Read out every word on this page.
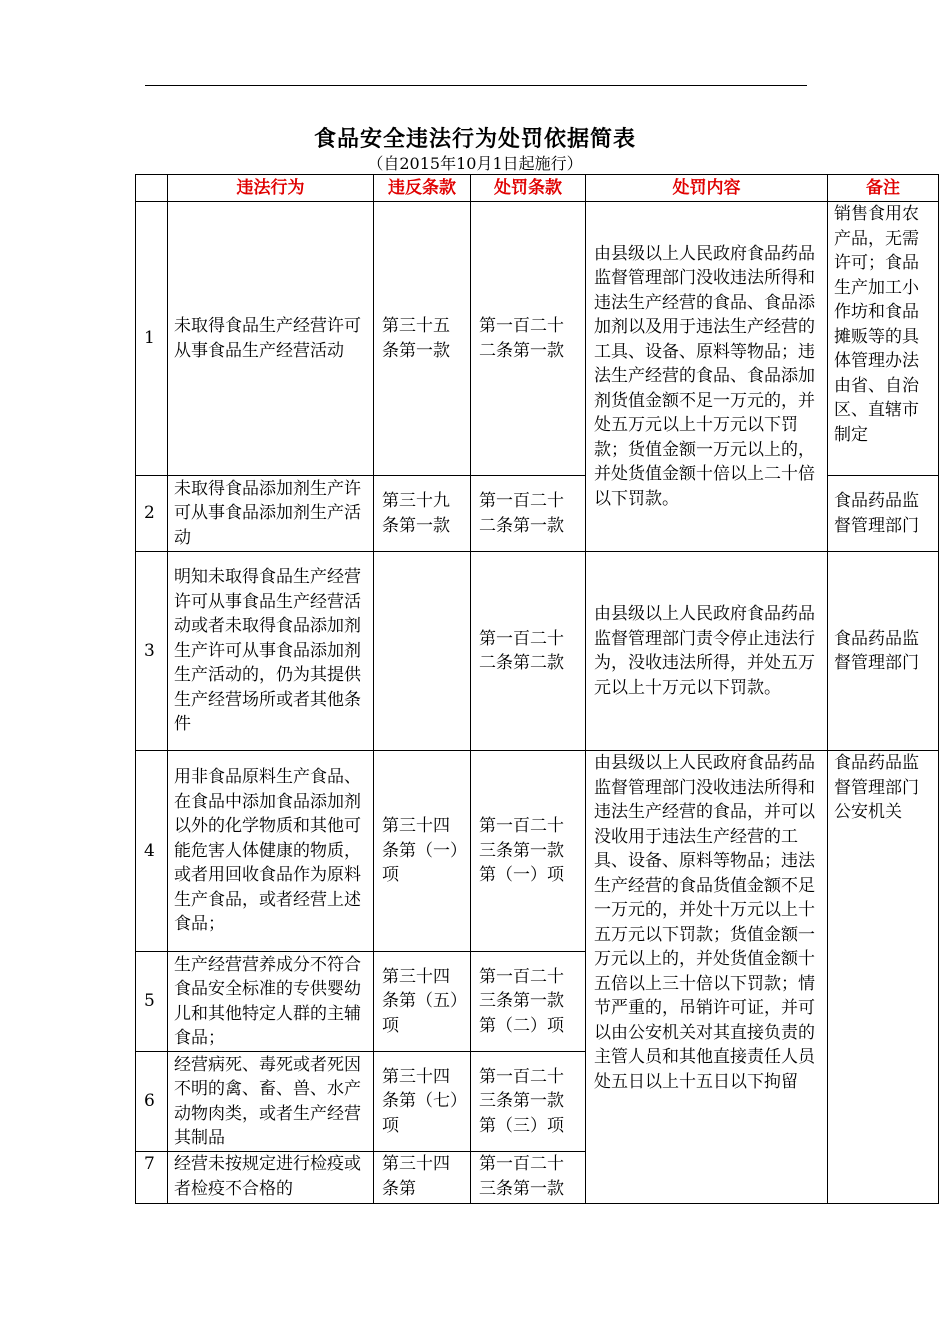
食品安全违法行为处罚依据简表
（自2015年10月1日起施行）
	违法行为	违反条款	处罚条款	处罚内容	备注
1	未取得食品生产经营许可从事食品生产经营活动	第三十五条第一款	第一百二十二条第一款	由县级以上人民政府食品药品监督管理部门没收违法所得和违法生产经营的食品、食品添加剂以及用于违法生产经营的工具、设备、原料等物品；违法生产经营的食品、食品添加剂货值金额不足一万元的，并处五万元以上十万元以下罚款；货值金额一万元以上的，并处货值金额十倍以上二十倍以下罚款。	销售食用农产品，无需许可；食品生产加工小作坊和食品摊贩等的具体管理办法由省、自治区、直辖市制定
2	未取得食品添加剂生产许可从事食品添加剂生产活动	第三十九条第一款	第一百二十二条第一款		食品药品监督管理部门
3	明知未取得食品生产经营许可从事食品生产经营活动或者未取得食品添加剂生产许可从事食品添加剂生产活动的，仍为其提供生产经营场所或者其他条件		第一百二十二条第二款	由县级以上人民政府食品药品监督管理部门责令停止违法行为，没收违法所得，并处五万元以上十万元以下罚款。	食品药品监督管理部门
4	用非食品原料生产食品、在食品中添加食品添加剂以外的化学物质和其他可能危害人体健康的物质，或者用回收食品作为原料生产食品，或者经营上述食品；	第三十四条第（一）项	第一百二十三条第一款第（一）项	由县级以上人民政府食品药品监督管理部门没收违法所得和违法生产经营的食品，并可以没收用于违法生产经营的工具、设备、原料等物品；违法生产经营的食品货值金额不足一万元的，并处十万元以上十五万元以下罚款；货值金额一万元以上的，并处货值金额十五倍以上三十倍以下罚款；情节严重的，吊销许可证，并可以由公安机关对其直接负责的主管人员和其他直接责任人员处五日以上十五日以下拘留	食品药品监督管理部门
公安机关

5	生产经营营养成分不符合食品安全标准的专供婴幼儿和其他特定人群的主辅食品；	第三十四条第（五）项	第一百二十三条第一款第（二）项		
6	经营病死、毒死或者死因不明的禽、畜、兽、水产动物肉类，或者生产经营其制品	第三十四条第（七）项	第一百二十三条第一款第（三）项		
7	经营未按规定进行检疫或者检疫不合格的	第三十四条第	第一百二十三条第一款		
